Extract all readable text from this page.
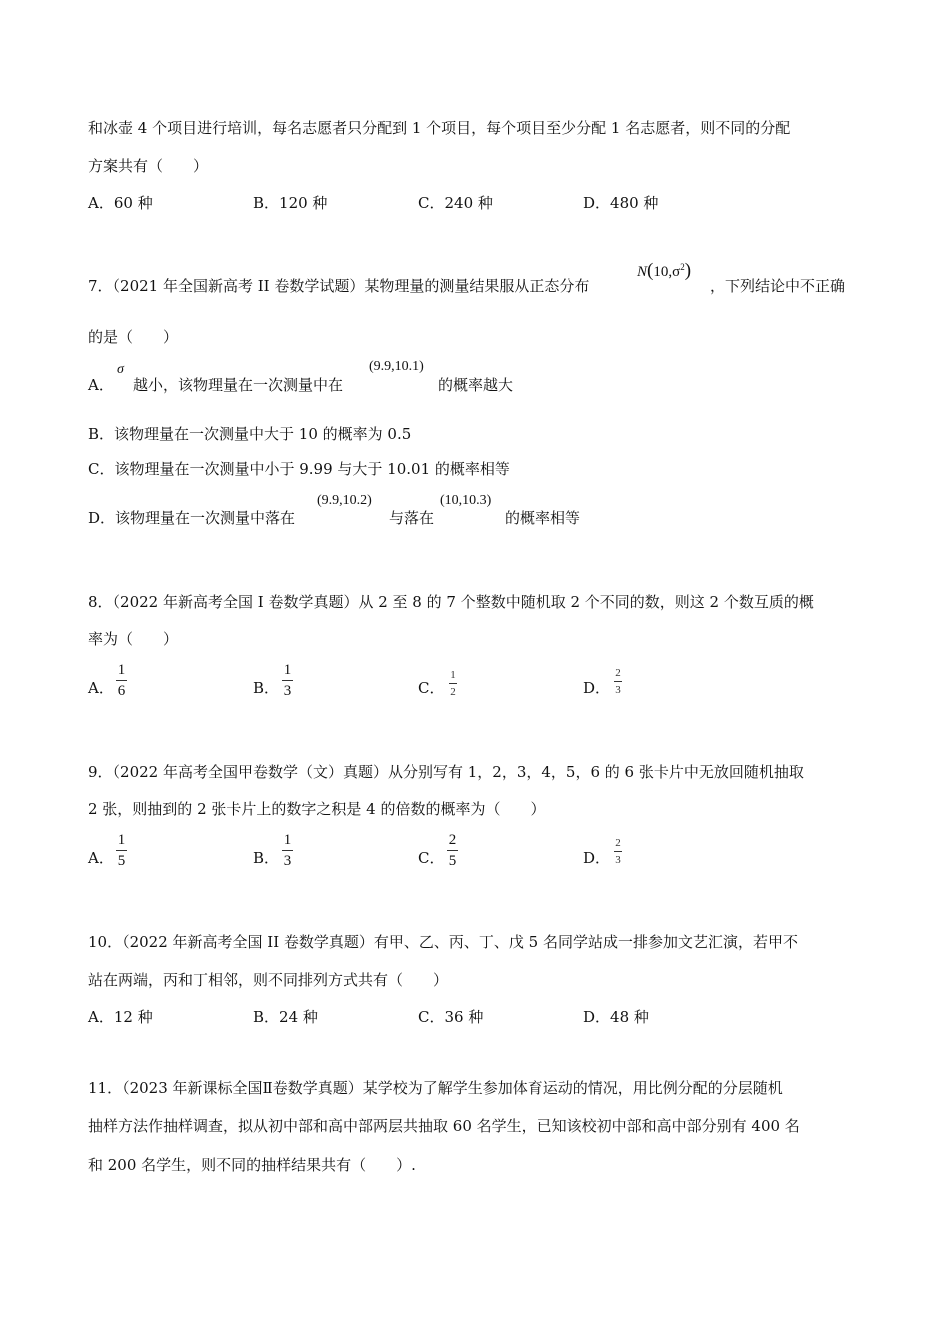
和冰壶 4 个项目进行培训，每名志愿者只分配到 1 个项目，每个项目至少分配 1 名志愿者，则不同的分配
方案共有（　　）
A．60 种	B．120 种	C．240 种	D．480 种
7．（2021 年全国新高考 II 卷数学试题）某物理量的测量结果服从正态分布
$N(10,\sigma^2)$
，下列结论中不正确
的是（　　）
A．
σ
越小，该物理量在一次测量中在
(9.9,10.1)
的概率越大
B．该物理量在一次测量中大于 10 的概率为 0.5
C．该物理量在一次测量中小于 9.99 与大于 10.01 的概率相等
D．该物理量在一次测量中落在
(9.9,10.2)
与落在
(10,10.3)
的概率相等
8．（2022 年新高考全国 I 卷数学真题）从 2 至 8 的 7 个整数中随机取 2 个不同的数，则这 2 个数互质的概
率为（　　）
A．
1
6	B．
1
3	C．
1
2	D．
2
3
9．（2022 年高考全国甲卷数学（文）真题）从分别写有 1，2，3，4，5，6 的 6 张卡片中无放回随机抽取
2 张，则抽到的 2 张卡片上的数字之积是 4 的倍数的概率为（　　）
A．
1
5	B．
1
3	C．
2
5	D．
2
3
10．（2022 年新高考全国 II 卷数学真题）有甲、乙、丙、丁、戊 5 名同学站成一排参加文艺汇演，若甲不
站在两端，丙和丁相邻，则不同排列方式共有（　　）
A．12 种	B．24 种	C．36 种	D．48 种
11．（2023 年新课标全国Ⅱ卷数学真题）某学校为了解学生参加体育运动的情况，用比例分配的分层随机
抽样方法作抽样调查，拟从初中部和高中部两层共抽取 60 名学生，已知该校初中部和高中部分别有 400 名
和 200 名学生，则不同的抽样结果共有（　　）.
